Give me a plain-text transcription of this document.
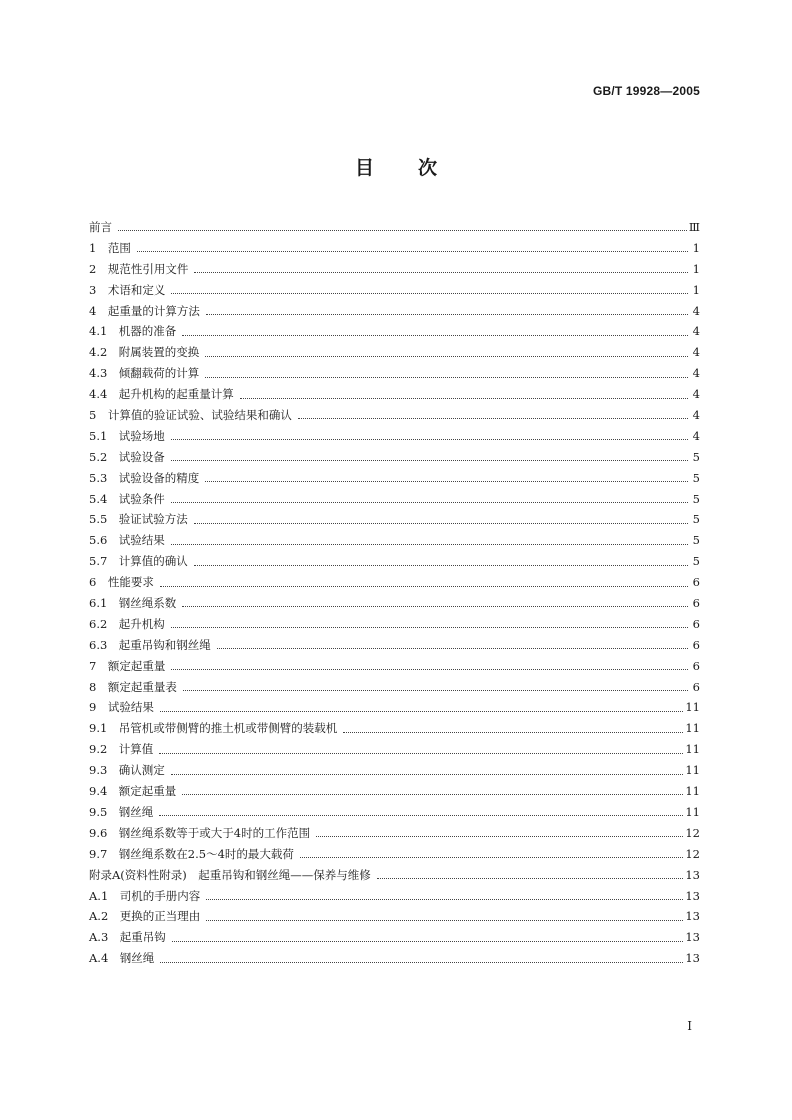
GB/T 19928—2005
目次
前言	Ⅲ
1　范围	1
2　规范性引用文件	1
3　术语和定义	1
4　起重量的计算方法	4
4.1　机器的准备	4
4.2　附属装置的变换	4
4.3　倾翻载荷的计算	4
4.4　起升机构的起重量计算	4
5　计算值的验证试验、试验结果和确认	4
5.1　试验场地	4
5.2　试验设备	5
5.3　试验设备的精度	5
5.4　试验条件	5
5.5　验证试验方法	5
5.6　试验结果	5
5.7　计算值的确认	5
6　性能要求	6
6.1　钢丝绳系数	6
6.2　起升机构	6
6.3　起重吊钩和钢丝绳	6
7　额定起重量	6
8　额定起重量表	6
9　试验结果	11
9.1　吊管机或带侧臂的推土机或带侧臂的装载机	11
9.2　计算值	11
9.3　确认测定	11
9.4　额定起重量	11
9.5　钢丝绳	11
9.6　钢丝绳系数等于或大于4时的工作范围	12
9.7　钢丝绳系数在2.5～4时的最大载荷	12
附录A(资料性附录)　起重吊钩和钢丝绳——保养与维修	13
A.1　司机的手册内容	13
A.2　更换的正当理由	13
A.3　起重吊钩	13
A.4　钢丝绳	13
I
